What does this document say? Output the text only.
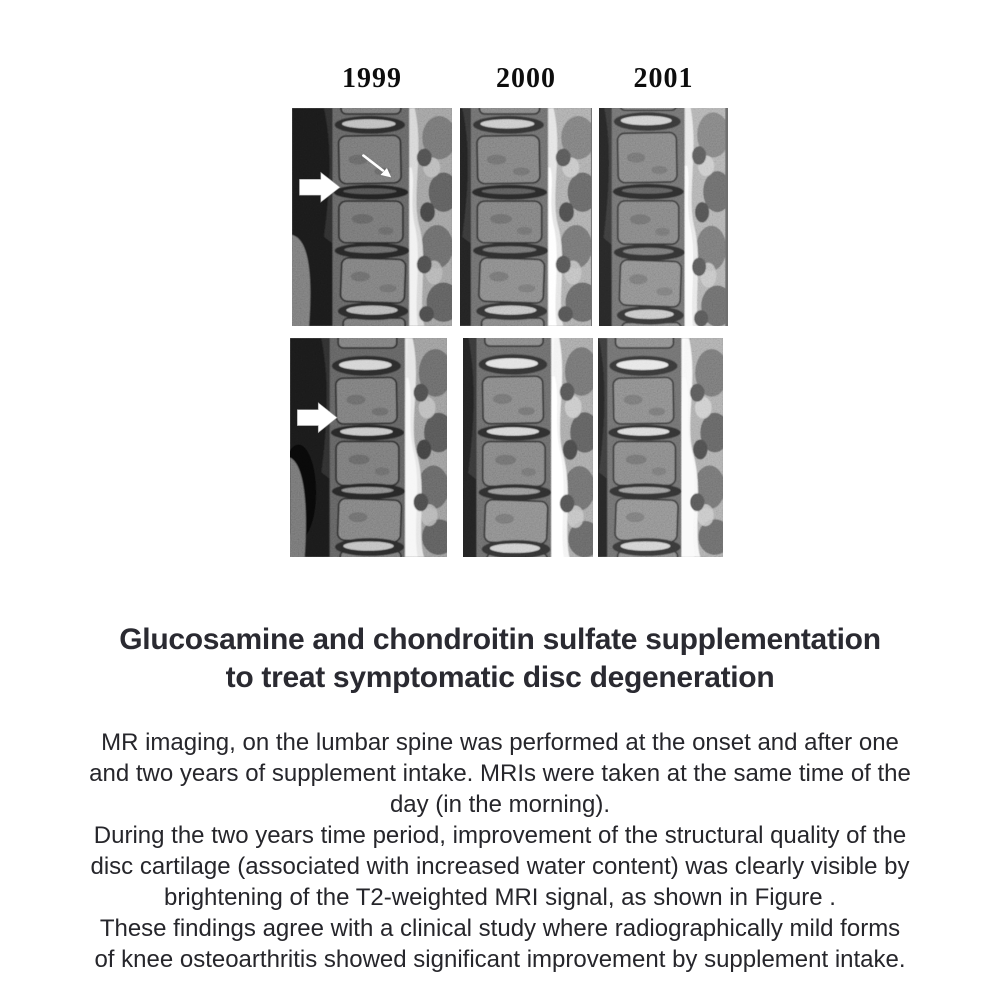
1999	2000	2001
Glucosamine and chondroitin sulfate supplementation
to treat symptomatic disc degeneration
MR imaging, on the lumbar spine was performed at the onset and after one
and two years of supplement intake. MRIs were taken at the same time of the
day (in the morning).
During the two years time period, improvement of the structural quality of the
disc cartilage (associated with increased water content) was clearly visible by
brightening of the T2-weighted MRI signal, as shown in Figure .
These findings agree with a clinical study where radiographically mild forms
of knee osteoarthritis showed significant improvement by supplement intake.
